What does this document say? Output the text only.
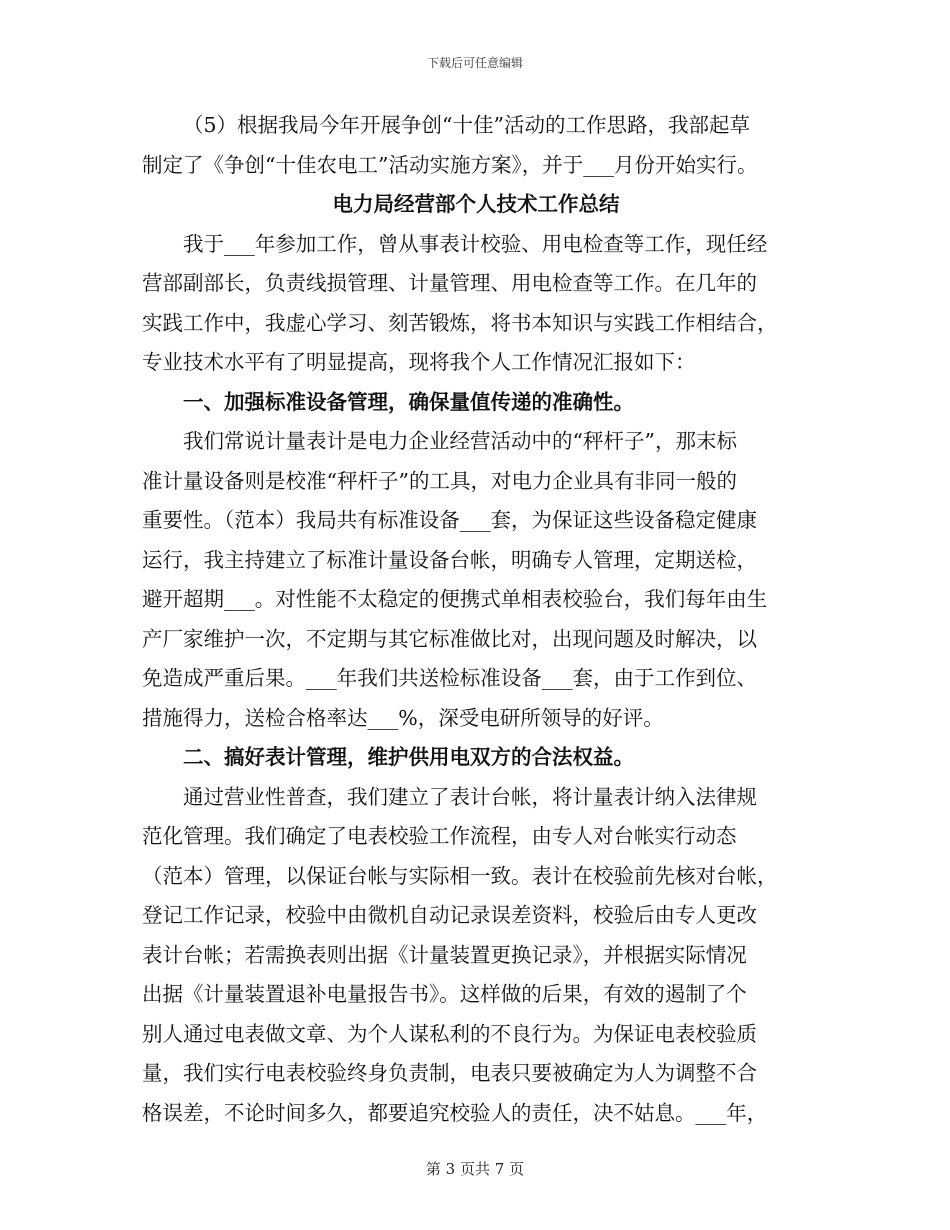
下载后可任意编辑
（5）根据我局今年开展争创“十佳”活动的工作思路，我部起草
制定了《争创“十佳农电工”活动实施方案》，并于___月份开始实行。
电力局经营部个人技术工作总结
我于___年参加工作，曾从事表计校验、用电检查等工作，现任经
营部副部长，负责线损管理、计量管理、用电检查等工作。在几年的
实践工作中，我虚心学习、刻苦锻炼，将书本知识与实践工作相结合，
专业技术水平有了明显提高，现将我个人工作情况汇报如下：
一、加强标准设备管理，确保量值传递的准确性。
我们常说计量表计是电力企业经营活动中的“秤杆子”，那末标
准计量设备则是校准“秤杆子”的工具，对电力企业具有非同一般的
重要性。（范本）我局共有标准设备___套，为保证这些设备稳定健康
运行，我主持建立了标准计量设备台帐，明确专人管理，定期送检，
避开超期___。对性能不太稳定的便携式单相表校验台，我们每年由生
产厂家维护一次，不定期与其它标准做比对，出现问题及时解决，以
免造成严重后果。___年我们共送检标准设备___套，由于工作到位、
措施得力，送检合格率达___%，深受电研所领导的好评。
二、搞好表计管理，维护供用电双方的合法权益。
通过营业性普查，我们建立了表计台帐，将计量表计纳入法律规
范化管理。我们确定了电表校验工作流程，由专人对台帐实行动态
（范本）管理，以保证台帐与实际相一致。表计在校验前先核对台帐，
登记工作记录，校验中由微机自动记录误差资料，校验后由专人更改
表计台帐；若需换表则出据《计量装置更换记录》，并根据实际情况
出据《计量装置退补电量报告书》。这样做的后果，有效的遏制了个
别人通过电表做文章、为个人谋私利的不良行为。为保证电表校验质
量，我们实行电表校验终身负责制，电表只要被确定为人为调整不合
格误差，不论时间多久，都要追究校验人的责任，决不姑息。___年，
第 3 页共 7 页
